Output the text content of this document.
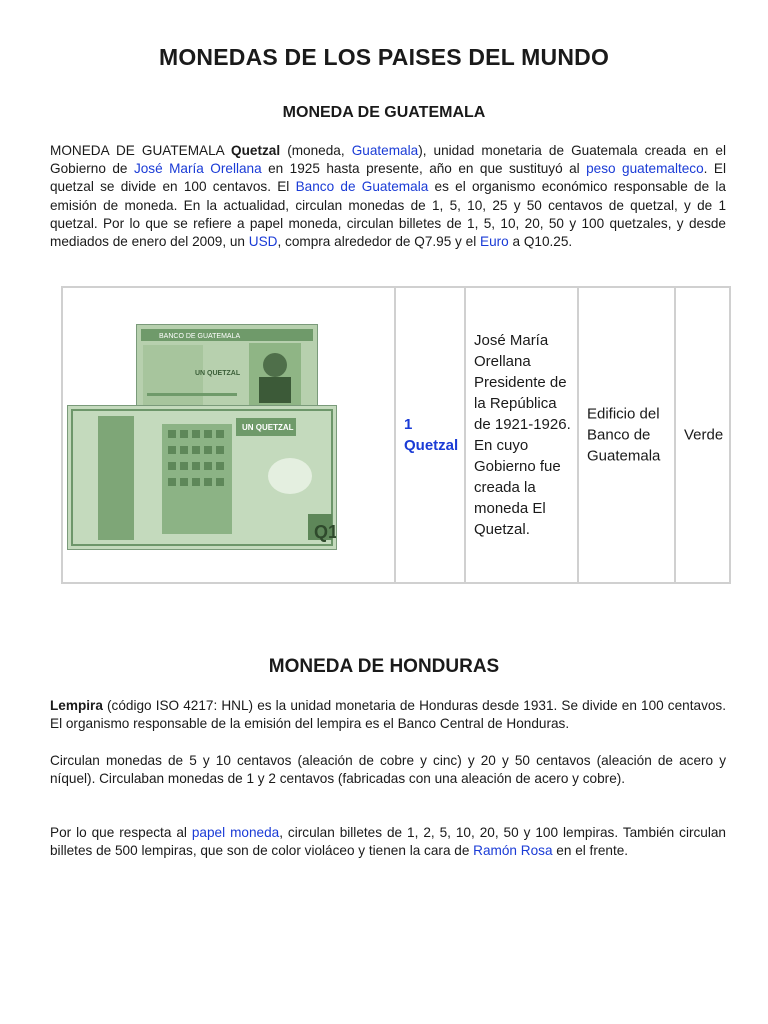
MONEDAS DE LOS PAISES DEL MUNDO
MONEDA DE GUATEMALA

MONEDA DE GUATEMALA Quetzal (moneda, Guatemala), unidad monetaria de Guatemala creada en el Gobierno de José María Orellana en 1925 hasta presente, año en que sustituyó al peso guatemalteco. El quetzal se divide en 100 centavos. El Banco de Guatemala es el organismo económico responsable de la emisión de moneda. En la actualidad, circulan monedas de 1, 5, 10, 25 y 50 centavos de quetzal, y de 1 quetzal. Por lo que se refiere a papel moneda, circulan billetes de 1, 5, 10, 20, 50 y 100 quetzales, y desde mediados de enero del 2009, un USD, compra alrededor de Q7.95 y el Euro a Q10.25.

BANCO DE GUATEMALA
UN QUETZAL
UN QUETZAL
Q1
1 Quetzal
José María Orellana Presidente de la República de 1921-1926. En cuyo Gobierno fue creada la moneda El Quetzal.
Edificio del Banco de Guatemala
Verde
MONEDA DE HONDURAS

Lempira (código ISO 4217: HNL) es la unidad monetaria de Honduras desde 1931. Se divide en 100 centavos. El organismo responsable de la emisión del lempira es el Banco Central de Honduras.

Circulan monedas de 5 y 10 centavos (aleación de cobre y cinc) y 20 y 50 centavos (aleación de acero y níquel). Circulaban monedas de 1 y 2 centavos (fabricadas con una aleación de acero y cobre).

Por lo que respecta al papel moneda, circulan billetes de 1, 2, 5, 10, 20, 50 y 100 lempiras. También circulan billetes de 500 lempiras, que son de color violáceo y tienen la cara de Ramón Rosa en el frente.
